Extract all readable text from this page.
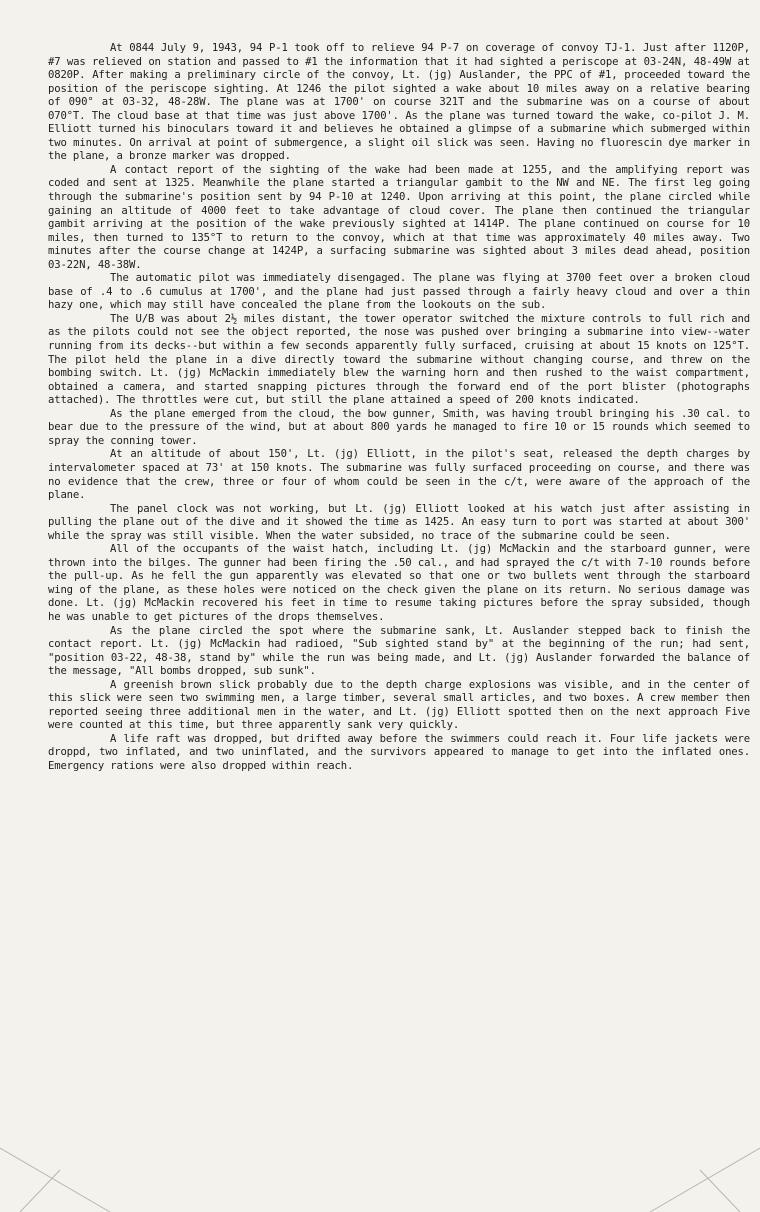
At 0844 July 9, 1943, 94 P-1 took off to relieve 94 P-7 on coverage of convoy TJ-1. Just after 1120P, #7 was relieved on station and passed to #1 the information that it had sighted a periscope at 03-24N, 48-49W at 0820P. After making a preliminary circle of the convoy, Lt. (jg) Auslander, the PPC of #1, proceeded toward the position of the periscope sighting. At 1246 the pilot sighted a wake about 10 miles away on a relative bearing of 090° at 03-32, 48-28W. The plane was at 1700' on course 321T and the submarine was on a course of about 070°T. The cloud base at that time was just above 1700'. As the plane was turned toward the wake, co-pilot J. M. Elliott turned his binoculars toward it and believes he obtained a glimpse of a submarine which submerged within two minutes. On arrival at point of submergence, a slight oil slick was seen. Having no fluorescin dye marker in the plane, a bronze marker was dropped.

A contact report of the sighting of the wake had been made at 1255, and the amplifying report was coded and sent at 1325. Meanwhile the plane started a triangular gambit to the NW and NE. The first leg going through the submarine's position sent by 94 P-10 at 1240. Upon arriving at this point, the plane circled while gaining an altitude of 4000 feet to take advantage of cloud cover. The plane then continued the triangular gambit arriving at the position of the wake previously sighted at 1414P. The plane continued on course for 10 miles, then turned to 135°T to return to the convoy, which at that time was approximately 40 miles away. Two minutes after the course change at 1424P, a surfacing submarine was sighted about 3 miles dead ahead, position 03-22N, 48-38W.

The automatic pilot was immediately disengaged. The plane was flying at 3700 feet over a broken cloud base of .4 to .6 cumulus at 1700', and the plane had just passed through a fairly heavy cloud and over a thin hazy one, which may still have concealed the plane from the lookouts on the sub.

The U/B was about 2½ miles distant, the tower operator switched the mixture controls to full rich and as the pilots could not see the object reported, the nose was pushed over bringing a submarine into view--water running from its decks--but within a few seconds apparently fully surfaced, cruising at about 15 knots on 125°T. The pilot held the plane in a dive directly toward the submarine without changing course, and threw on the bombing switch. Lt. (jg) McMackin immediately blew the warning horn and then rushed to the waist compartment, obtained a camera, and started snapping pictures through the forward end of the port blister (photographs attached). The throttles were cut, but still the plane attained a speed of 200 knots indicated.

As the plane emerged from the cloud, the bow gunner, Smith, was having troubl bringing his .30 cal. to bear due to the pressure of the wind, but at about 800 yards he managed to fire 10 or 15 rounds which seemed to spray the conning tower.

At an altitude of about 150', Lt. (jg) Elliott, in the pilot's seat, released the depth charges by intervalometer spaced at 73' at 150 knots. The submarine was fully surfaced proceeding on course, and there was no evidence that the crew, three or four of whom could be seen in the c/t, were aware of the approach of the plane.

The panel clock was not working, but Lt. (jg) Elliott looked at his watch just after assisting in pulling the plane out of the dive and it showed the time as 1425. An easy turn to port was started at about 300' while the spray was still visible. When the water subsided, no trace of the submarine could be seen.

All of the occupants of the waist hatch, including Lt. (jg) McMackin and the starboard gunner, were thrown into the bilges. The gunner had been firing the .50 cal., and had sprayed the c/t with 7-10 rounds before the pull-up. As he fell the gun apparently was elevated so that one or two bullets went through the starboard wing of the plane, as these holes were noticed on the check given the plane on its return. No serious damage was done. Lt. (jg) McMackin recovered his feet in time to resume taking pictures before the spray subsided, though he was unable to get pictures of the drops themselves.

As the plane circled the spot where the submarine sank, Lt. Auslander stepped back to finish the contact report. Lt. (jg) McMackin had radioed, "Sub sighted stand by" at the beginning of the run; had sent, "position 03-22, 48-38, stand by" while the run was being made, and Lt. (jg) Auslander forwarded the balance of the message, "All bombs dropped, sub sunk".

A greenish brown slick probably due to the depth charge explosions was visible, and in the center of this slick were seen two swimming men, a large timber, several small articles, and two boxes. A crew member then reported seeing three additional men in the water, and Lt. (jg) Elliott spotted then on the next approach Five were counted at this time, but three apparently sank very quickly.

A life raft was dropped, but drifted away before the swimmers could reach it. Four life jackets were droppd, two inflated, and two uninflated, and the survivors appeared to manage to get into the inflated ones. Emergency rations were also dropped within reach.
